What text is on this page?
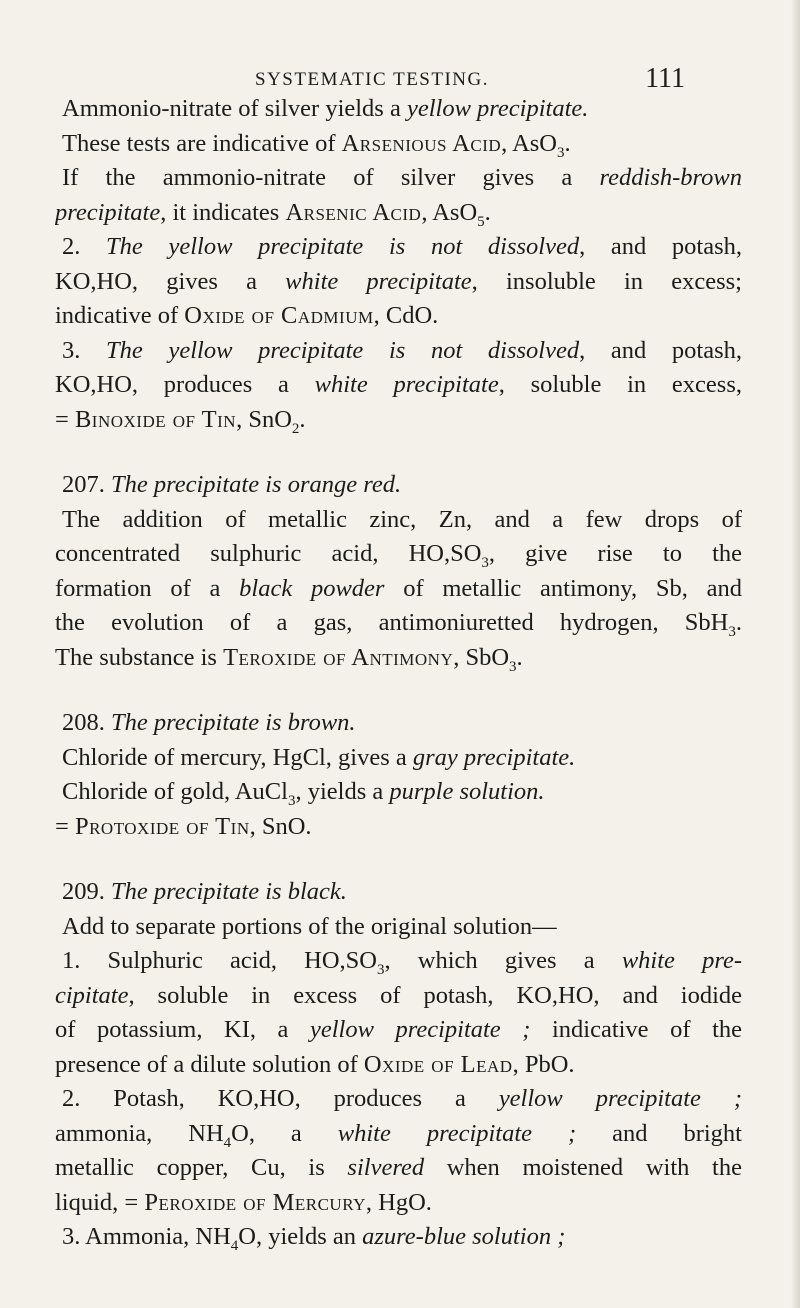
SYSTEMATIC TESTING.	111
Ammonio-nitrate of silver yields a yellow precipitate.
These tests are indicative of Arsenious Acid, AsO$_3$.
If the ammonio-nitrate of silver gives a reddish-brown
precipitate, it indicates Arsenic Acid, AsO$_5$.
2. The yellow precipitate is not dissolved, and potash,
KO,HO, gives a white precipitate, insoluble in excess;
indicative of Oxide of Cadmium, CdO.
3. The yellow precipitate is not dissolved, and potash,
KO,HO, produces a white precipitate, soluble in excess,
= Binoxide of Tin, SnO$_2$.
207. The precipitate is orange red.
The addition of metallic zinc, Zn, and a few drops of
concentrated sulphuric acid, $HO,SO_3$, give rise to the
formation of a black powder of metallic antimony, Sb, and
the evolution of a gas, antimoniuretted hydrogen, SbH$_3$.
The substance is Teroxide of Antimony, SbO$_3$.
208. The precipitate is brown.
Chloride of mercury, HgCl, gives a gray precipitate.
Chloride of gold, AuCl$_3$, yields a purple solution.
= Protoxide of Tin, SnO.
209. The precipitate is black.
Add to separate portions of the original solution—
1. Sulphuric acid, $HO,SO_3$, which gives a white pre-
cipitate, soluble in excess of potash, KO,HO, and iodide
of potassium, KI, a yellow precipitate ; indicative of the
presence of a dilute solution of Oxide of Lead, PbO.
2. Potash, KO,HO, produces a yellow precipitate ;
ammonia, $NH_4O$, a white precipitate ; and bright
metallic copper, Cu, is silvered when moistened with the
liquid, = Peroxide of Mercury, HgO.
3. Ammonia, $NH_4O$, yields an azure-blue solution ;
